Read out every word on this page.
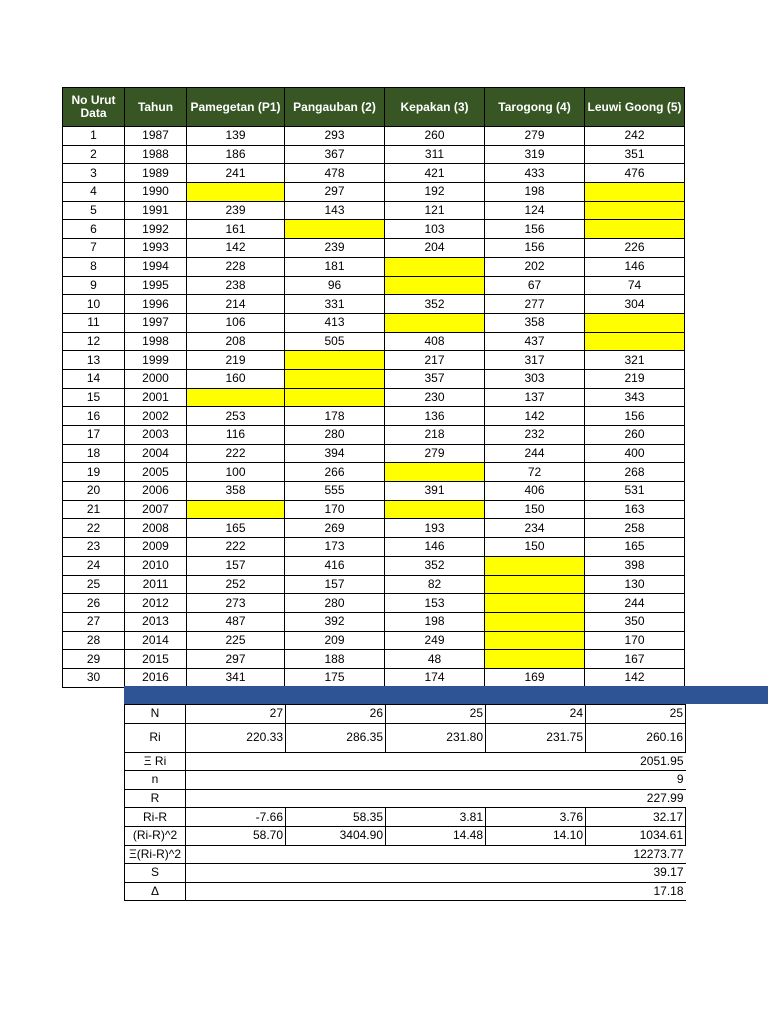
No Urut Data	Tahun	Pamegetan (P1)	Pangauban (2)	Kepakan (3)	Tarogong (4)	Leuwi Goong (5)
1	1987	139	293	260	279	242
2	1988	186	367	311	319	351
3	1989	241	478	421	433	476
4	1990		297	192	198	
5	1991	239	143	121	124	
6	1992	161		103	156	
7	1993	142	239	204	156	226
8	1994	228	181		202	146
9	1995	238	96		67	74
10	1996	214	331	352	277	304
11	1997	106	413		358	
12	1998	208	505	408	437	
13	1999	219		217	317	321
14	2000	160		357	303	219
15	2001			230	137	343
16	2002	253	178	136	142	156
17	2003	116	280	218	232	260
18	2004	222	394	279	244	400
19	2005	100	266		72	268
20	2006	358	555	391	406	531
21	2007		170		150	163
22	2008	165	269	193	234	258
23	2009	222	173	146	150	165
24	2010	157	416	352		398
25	2011	252	157	82		130
26	2012	273	280	153		244
27	2013	487	392	198		350
28	2014	225	209	249		170
29	2015	297	188	48		167
30	2016	341	175	174	169	142
N	27	26	25	24	25
Ri	220.33	286.35	231.80	231.75	260.16
Ξ Ri	2051.95				
n	9				
R	227.99				
Ri-R	-7.66	58.35	3.81	3.76	32.17
(Ri-R)^2	58.70	3404.90	14.48	14.10	1034.61
Ξ(Ri-R)^2	12273.77				
S	39.17				
Δ	17.18				
